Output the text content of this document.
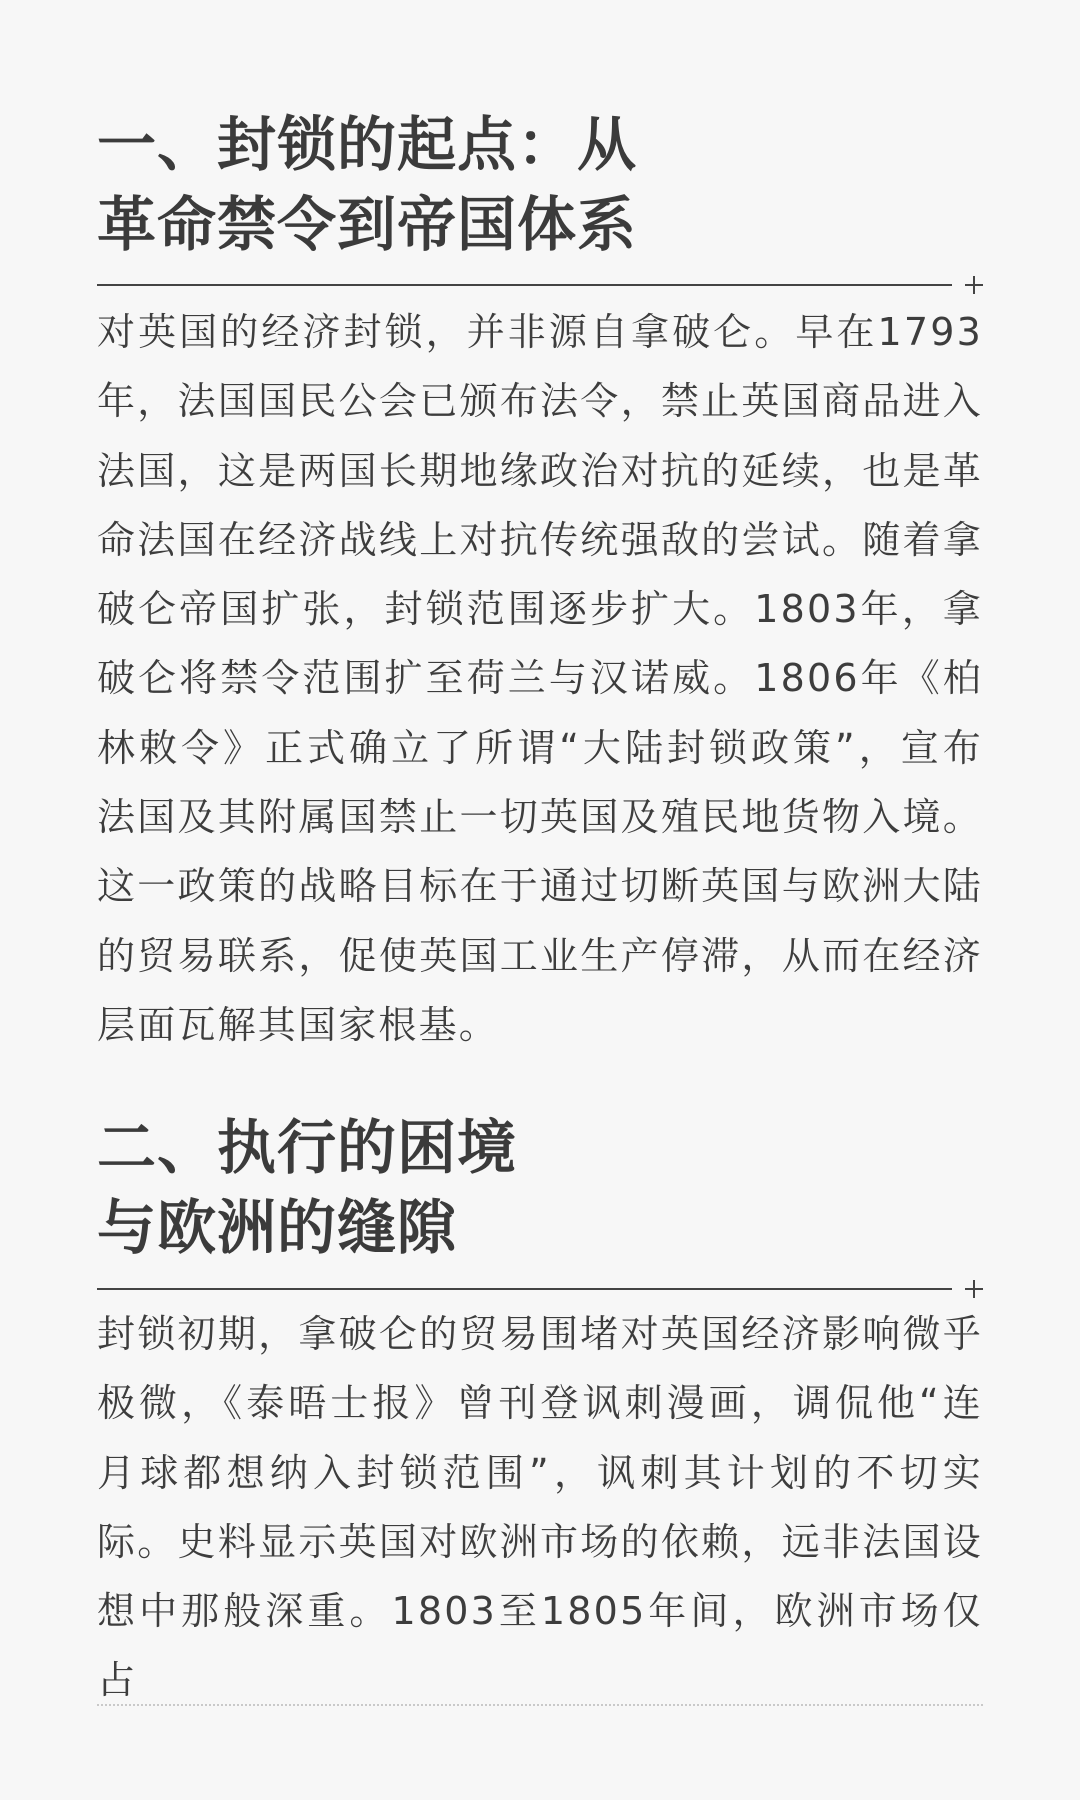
一、封锁的起点：从
革命禁令到帝国体系

对英国的经济封锁，并非源自拿破仑。早在1793年，法国国民公会已颁布法令，禁止英国商品进入法国，这是两国长期地缘政治对抗的延续，也是革命法国在经济战线上对抗传统强敌的尝试。随着拿破仑帝国扩张，封锁范围逐步扩大。1803年，拿破仑将禁令范围扩至荷兰与汉诺威。1806年《柏林敕令》正式确立了所谓“大陆封锁政策”，宣布法国及其附属国禁止一切英国及殖民地货物入境。这一政策的战略目标在于通过切断英国与欧洲大陆的贸易联系，促使英国工业生产停滞，从而在经济层面瓦解其国家根基。

二、执行的困境
与欧洲的缝隙

封锁初期，拿破仑的贸易围堵对英国经济影响微乎极微，《泰晤士报》曾刊登讽刺漫画，调侃他“连月球都想纳入封锁范围”，讽刺其计划的不切实际。史料显示英国对欧洲市场的依赖，远非法国设想中那般深重。1803至1805年间，欧洲市场仅占
